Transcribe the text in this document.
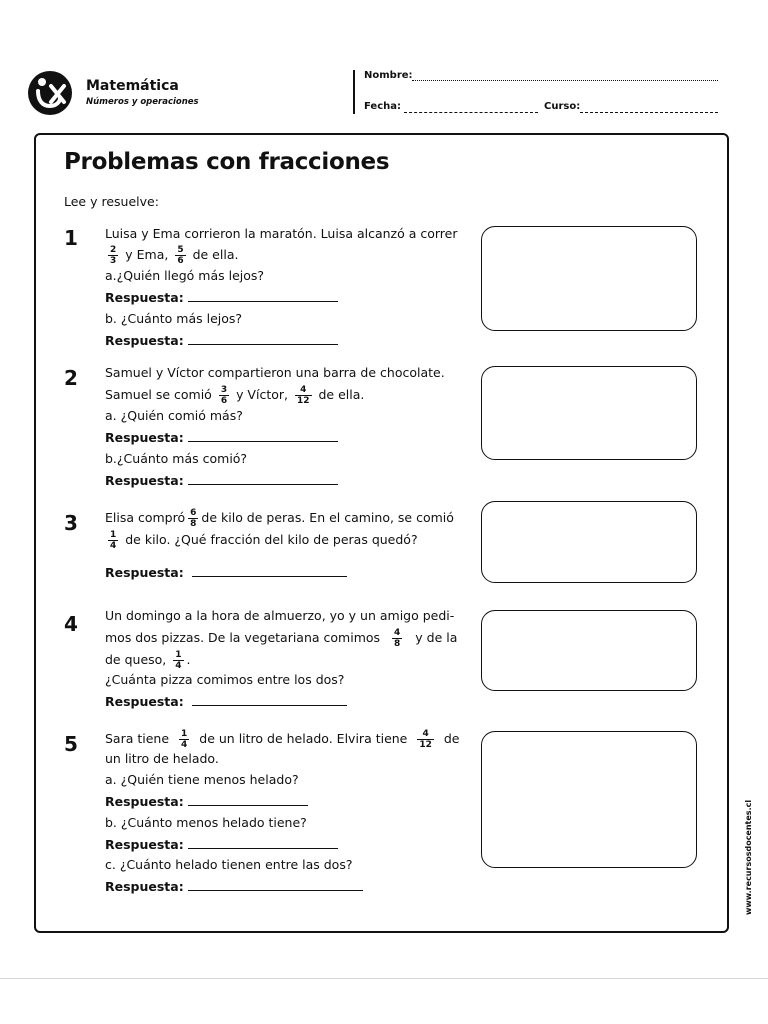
Matemática
Números y operaciones
Nombre:
Fecha:	Curso:
Problemas con fracciones
Lee y resuelve:
1 Luisa y Ema corrieron la maratón. Luisa alcanzó a correr
$\frac{2}{3}$ y Ema, $\frac{5}{6}$ de ella.
a.¿Quién llegó más lejos?
Respuesta:
b. ¿Cuánto más lejos?
Respuesta:
2 Samuel y Víctor compartieron una barra de chocolate.
Samuel se comió $\frac{3}{6}$ y Víctor, $\frac{4}{12}$ de ella.
a. ¿Quién comió más?
Respuesta:
b.¿Cuánto más comió?
Respuesta:
3 Elisa compró $\frac{6}{8}$ de kilo de peras. En el camino, se comió
$\frac{1}{4}$ de kilo. ¿Qué fracción del kilo de peras quedó?
Respuesta:
4 Un domingo a la hora de almuerzo, yo y un amigo pedi-
mos dos pizzas. De la vegetariana comimos $\frac{4}{8}$ y de la
de queso, $\frac{1}{4}$ .
¿Cuánta pizza comimos entre los dos?
Respuesta:
5 Sara tiene $\frac{1}{4}$ de un litro de helado. Elvira tiene $\frac{4}{12}$ de
un litro de helado.
a. ¿Quién tiene menos helado?
Respuesta:
b. ¿Cuánto menos helado tiene?
Respuesta:
c. ¿Cuánto helado tienen entre las dos?
Respuesta:	www.recursosdocentes.cl
